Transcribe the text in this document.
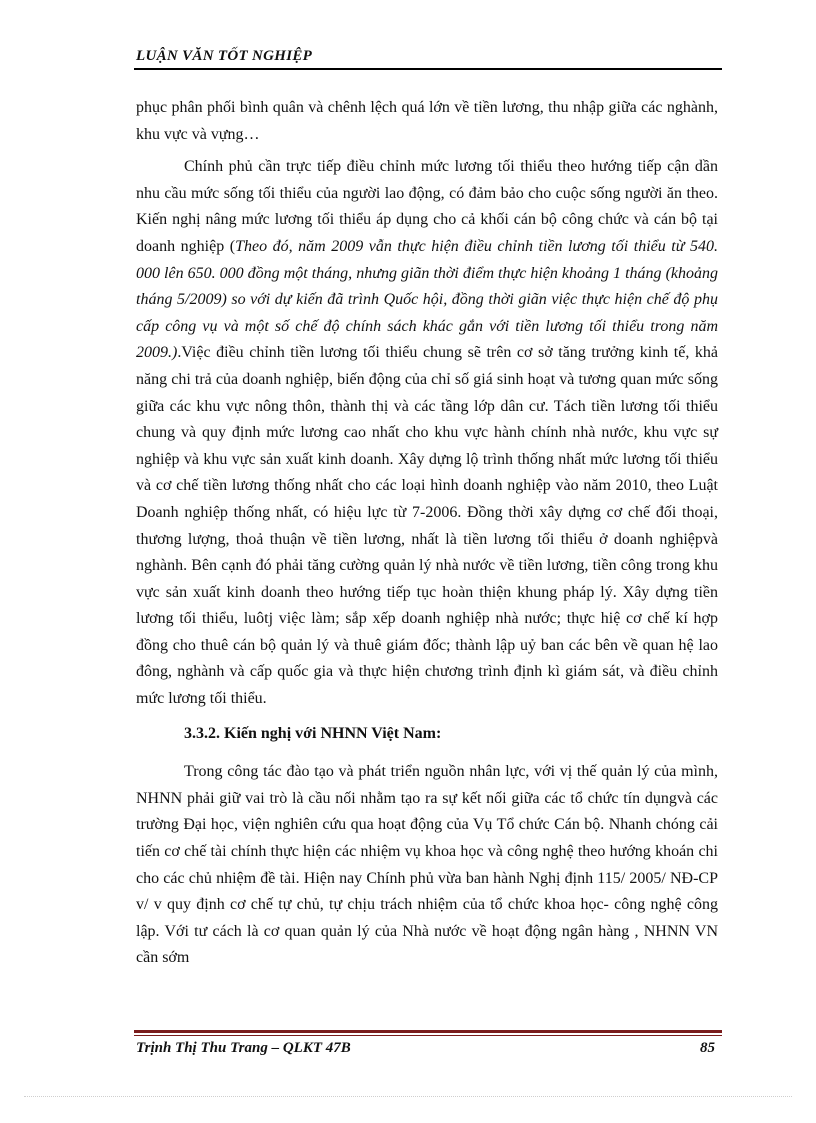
LUẬN VĂN TỐT NGHIỆP

phục phân phối bình quân và chênh lệch quá lớn về tiền lương, thu nhập giữa các nghành, khu vực và vựng…

Chính phủ cần trực tiếp điều chỉnh mức lương tối thiểu theo hướng tiếp cận dần nhu cầu mức sống tối thiểu của người lao động, có đảm bảo cho cuộc sống người ăn theo. Kiến nghị nâng mức lương tối thiểu áp dụng cho cả khối cán bộ công chức và cán bộ tại doanh nghiệp (Theo đó, năm 2009 vẫn thực hiện điều chỉnh tiền lương tối thiểu từ 540. 000 lên 650. 000 đồng một tháng, nhưng giãn thời điểm thực hiện khoảng 1 tháng (khoảng tháng 5/2009) so với dự kiến đã trình Quốc hội, đồng thời giãn việc thực hiện chế độ phụ cấp công vụ và một số chế độ chính sách khác gắn với tiền lương tối thiểu trong năm 2009.).Việc điều chỉnh tiền lương tối thiểu chung sẽ trên cơ sở tăng trưởng kinh tế, khả năng chi trả của doanh nghiệp, biến động của chỉ số giá sinh hoạt và tương quan mức sống giữa các khu vực nông thôn, thành thị và các tầng lớp dân cư. Tách tiền lương tối thiểu chung và quy định mức lương cao nhất cho khu vực hành chính nhà nước, khu vực sự nghiệp và khu vực sản xuất kinh doanh. Xây dựng lộ trình thống nhất mức lương tối thiểu và cơ chế tiền lương thống nhất cho các loại hình doanh nghiệp vào năm 2010, theo Luật Doanh nghiệp thống nhất, có hiệu lực từ 7-2006. Đồng thời xây dựng cơ chế đối thoại, thương lượng, thoả thuận về tiền lương, nhất là tiền lương tối thiểu ở doanh nghiệpvà nghành. Bên cạnh đó phải tăng cường quản lý nhà nước về tiền lương, tiền công trong khu vực sản xuất kinh doanh theo hướng tiếp tục hoàn thiện khung pháp lý. Xây dựng tiền lương tối thiểu, luôtj việc làm; sắp xếp doanh nghiệp nhà nước; thực hiệ cơ chế kí hợp đồng cho thuê cán bộ quản lý và thuê giám đốc; thành lập uỷ ban các bên về quan hệ lao đông, nghành và cấp quốc gia và thực hiện chương trình định kì giám sát, và điều chỉnh mức lương tối thiểu.

3.3.2. Kiến nghị với NHNN Việt Nam:

Trong công tác đào tạo và phát triển nguồn nhân lực, với vị thế quản lý của mình, NHNN phải giữ vai trò là cầu nối nhằm tạo ra sự kết nối giữa các tổ chức tín dụngvà các trường Đại học, viện nghiên cứu qua hoạt động của Vụ Tổ chức Cán bộ. Nhanh chóng cải tiến cơ chế tài chính thực hiện các nhiệm vụ khoa học và công nghệ theo hướng khoán chi cho các chủ nhiệm đề tài. Hiện nay Chính phủ vừa ban hành Nghị định 115/ 2005/ NĐ-CP v/ v quy định cơ chế tự chủ, tự chịu trách nhiệm của tổ chức khoa học- công nghệ công lập. Với tư cách là cơ quan quản lý của Nhà nước về hoạt động ngân hàng , NHNN VN cần sớm

Trịnh Thị Thu Trang – QLKT 47B	85
